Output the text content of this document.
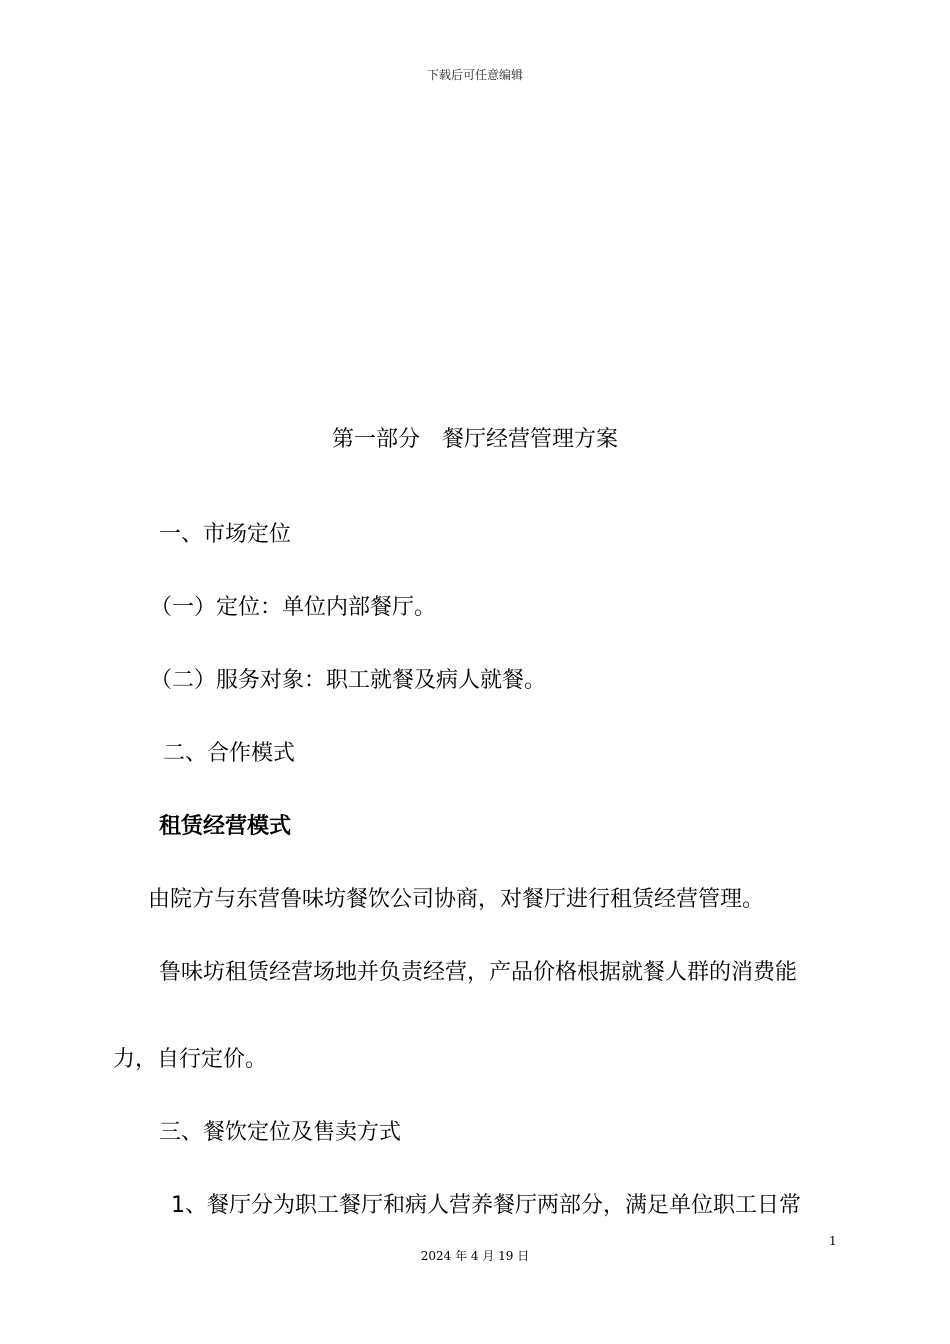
下载后可任意编辑
第一部分　餐厅经营管理方案
一、市场定位
（一）定位：单位内部餐厅。
（二）服务对象：职工就餐及病人就餐。
二、合作模式
租赁经营模式
由院方与东营鲁味坊餐饮公司协商，对餐厅进行租赁经营管理。
鲁味坊租赁经营场地并负责经营，产品价格根据就餐人群的消费能
力，自行定价。
三、餐饮定位及售卖方式
1、餐厅分为职工餐厅和病人营养餐厅两部分，满足单位职工日常
1
2024 年 4 月 19 日
